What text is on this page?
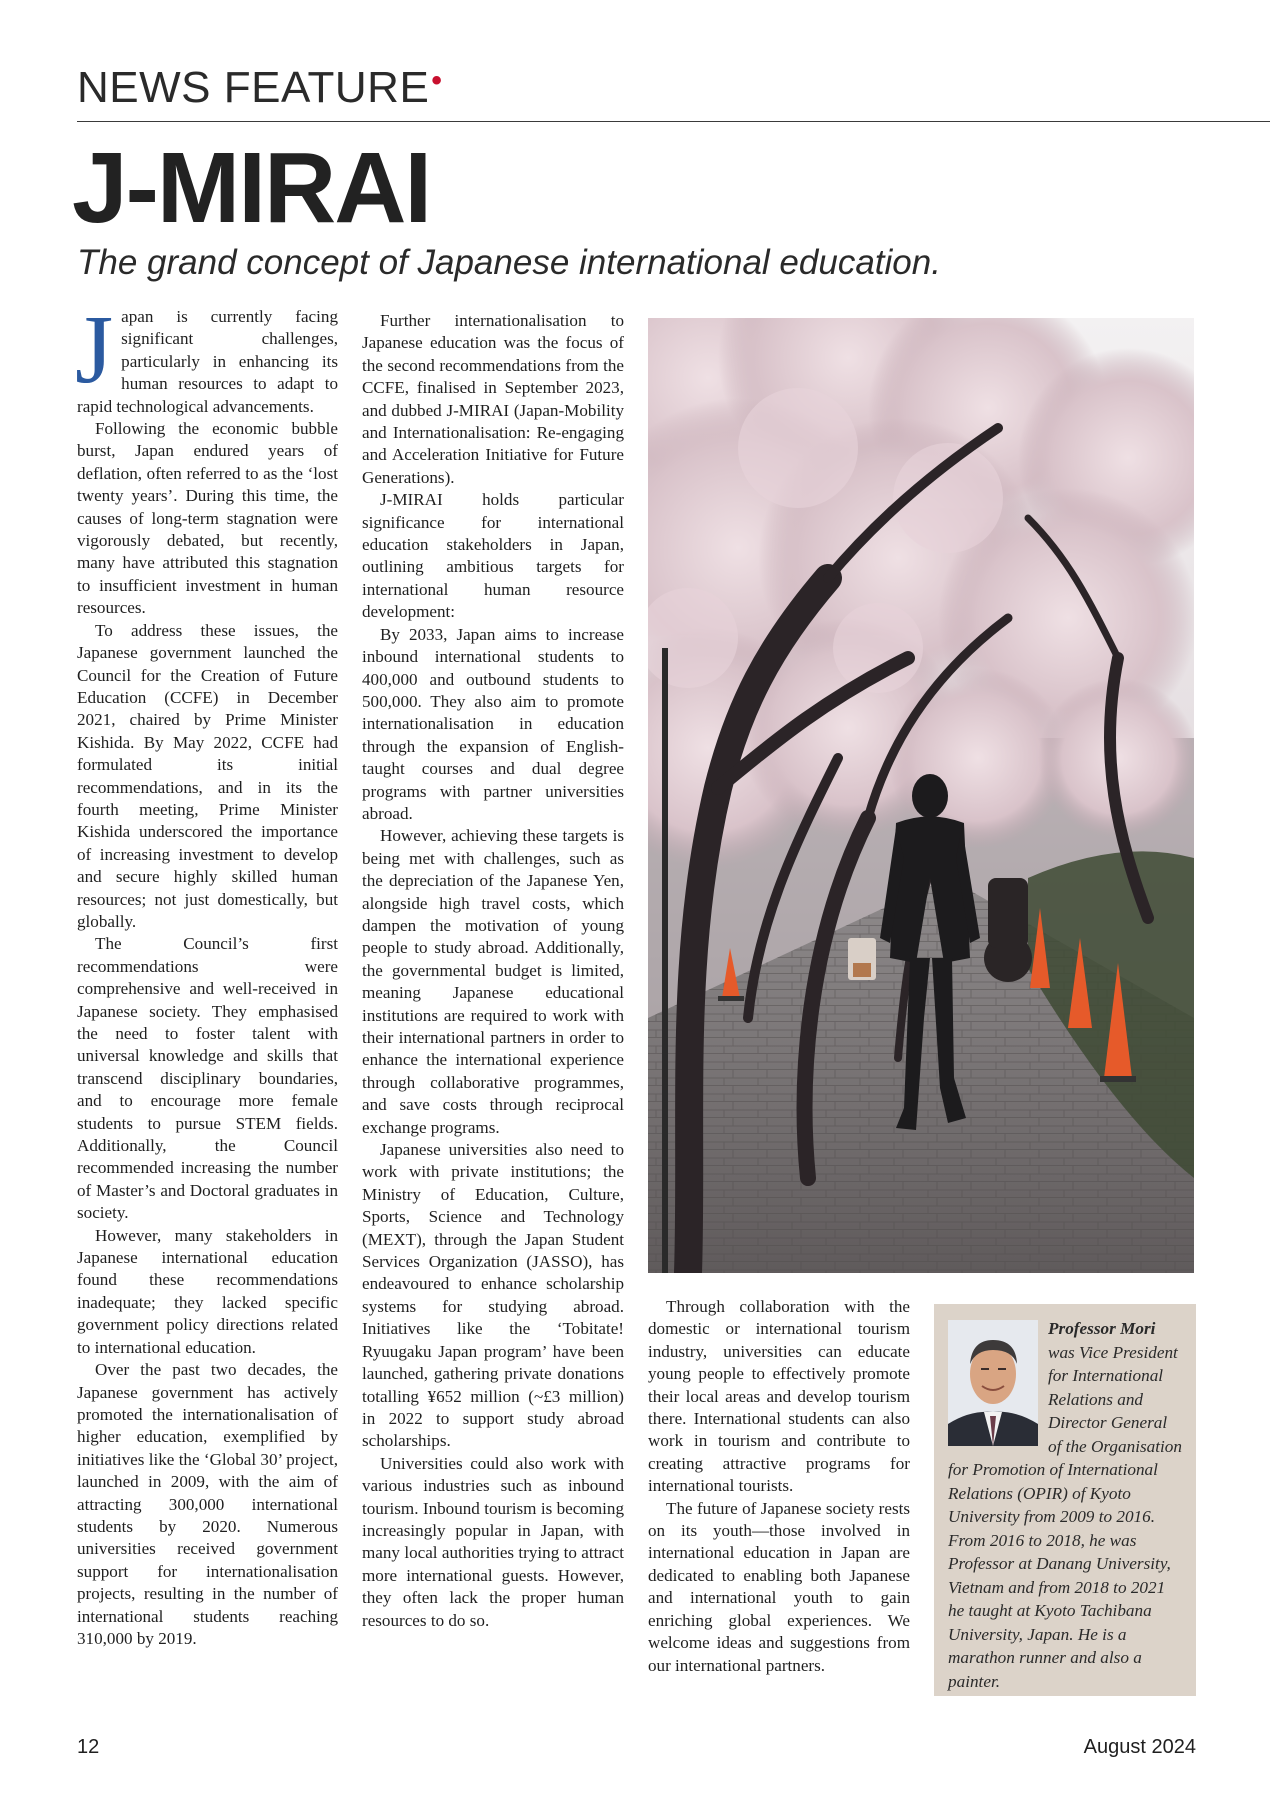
NEWS FEATURE•
J-MIRAI
The grand concept of Japanese international education.

Japan is currently facing significant challenges, particularly in enhancing its human resources to adapt to rapid technological advancements.

Following the economic bubble burst, Japan endured years of deflation, often referred to as the ‘lost twenty years’. During this time, the causes of long-term stagnation were vigorously debated, but recently, many have attributed this stagnation to insufficient investment in human resources.

To address these issues, the Japanese government launched the Council for the Creation of Future Education (CCFE) in December 2021, chaired by Prime Minister Kishida. By May 2022, CCFE had formulated its initial recommendations, and in its the fourth meeting, Prime Minister Kishida underscored the importance of increasing investment to develop and secure highly skilled human resources; not just domestically, but globally.

The Council’s first recommendations were comprehensive and well-received in Japanese society. They emphasised the need to foster talent with universal knowledge and skills that transcend disciplinary boundaries, and to encourage more female students to pursue STEM fields. Additionally, the Council recommended increasing the number of Master’s and Doctoral graduates in society.

However, many stakeholders in Japanese international education found these recommendations inadequate; they lacked specific government policy directions related to international education.

Over the past two decades, the Japanese government has actively promoted the internationalisation of higher education, exemplified by initiatives like the ‘Global 30’ project, launched in 2009, with the aim of attracting 300,000 international students by 2020. Numerous universities received government support for internationalisation projects, resulting in the number of international students reaching 310,000 by 2019.

Further internationalisation to Japanese education was the focus of the second recommendations from the CCFE, finalised in September 2023, and dubbed J-MIRAI (Japan-Mobility and Internationalisation: Re-engaging and Acceleration Initiative for Future Generations).

J-MIRAI holds particular significance for international education stakeholders in Japan, outlining ambitious targets for international human resource development:

By 2033, Japan aims to increase inbound international students to 400,000 and outbound students to 500,000. They also aim to promote internationalisation in education through the expansion of English-taught courses and dual degree programs with partner universities abroad.

However, achieving these targets is being met with challenges, such as the depreciation of the Japanese Yen, alongside high travel costs, which dampen the motivation of young people to study abroad. Additionally, the governmental budget is limited, meaning Japanese educational institutions are required to work with their international partners in order to enhance the international experience through collaborative programmes, and save costs through reciprocal exchange programs.

Japanese universities also need to work with private institutions; the Ministry of Education, Culture, Sports, Science and Technology (MEXT), through the Japan Student Services Organization (JASSO), has endeavoured to enhance scholarship systems for studying abroad. Initiatives like the ‘Tobitate! Ryuugaku Japan program’ have been launched, gathering private donations totalling ¥652 million (~£3 million) in 2022 to support study abroad scholarships.

Universities could also work with various industries such as inbound tourism. Inbound tourism is becoming increasingly popular in Japan, with many local authorities trying to attract more international guests. However, they often lack the proper human resources to do so.

Through collaboration with the domestic or international tourism industry, universities can educate young people to effectively promote their local areas and develop tourism there. International students can also work in tourism and contribute to creating attractive programs for international tourists.

The future of Japanese society rests on its youth—those involved in international education in Japan are dedicated to enabling both Japanese and international youth to gain enriching global experiences. We welcome ideas and suggestions from our international partners.

Professor Mori was Vice President for International Relations and Director General of the Organisation for Promotion of International Relations (OPIR) of Kyoto University from 2009 to 2016. From 2016 to 2018, he was Professor at Danang University, Vietnam and from 2018 to 2021 he taught at Kyoto Tachibana University, Japan. He is a marathon runner and also a painter.
12	August 2024
